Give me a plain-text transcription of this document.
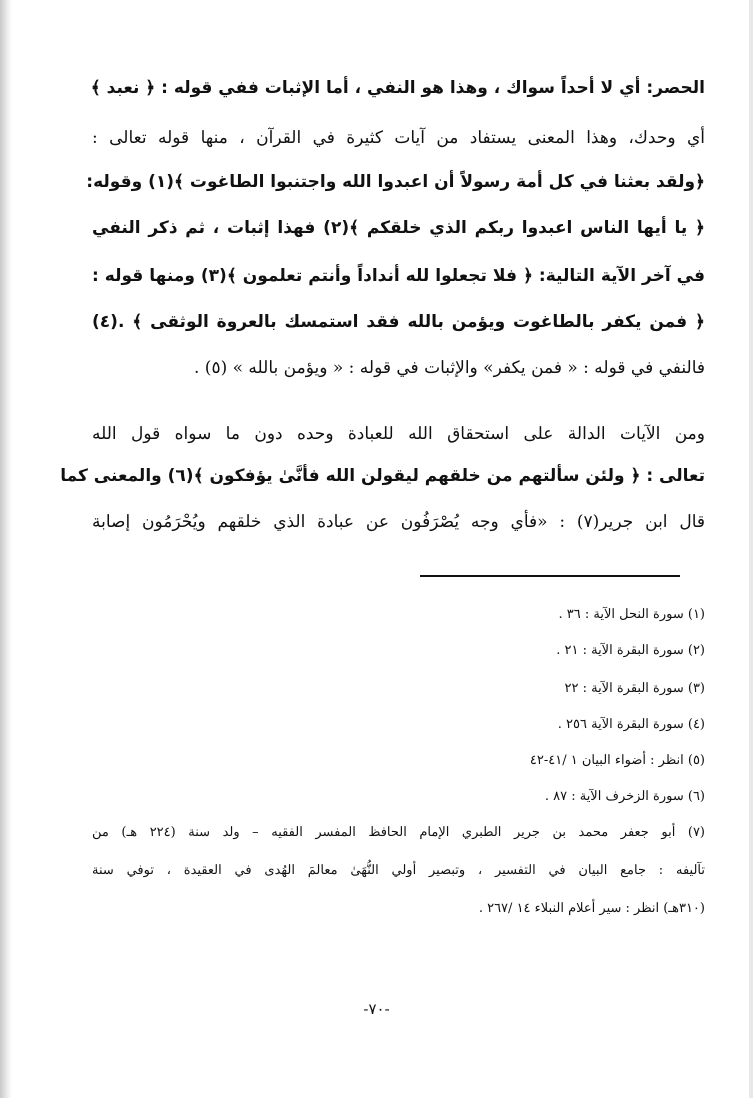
الحصر: أي لا أحداً سواك ، وهذا هو النفي ، أما الإثبات ففي قوله : ﴿ نعبد ﴾
أي وحدك، وهذا المعنى يستفاد من آيات كثيرة في القرآن ، منها قوله تعالى :
﴿ولقد بعثنا في كل أمة رسولاً أن اعبدوا الله واجتنبوا الطاغوت ﴾(١) وقوله:
﴿ يا أيها الناس اعبدوا ربكم الذي خلقكم ﴾(٢) فهذا إثبات ، ثم ذكر النفي
في آخر الآية التالية: ﴿ فلا تجعلوا لله أنداداً وأنتم تعلمون ﴾(٣) ومنها قوله :
﴿ فمن يكفر بالطاغوت ويؤمن بالله فقد استمسك بالعروة الوثقى ﴾ .(٤)
فالنفي في قوله : « فمن يكفر» والإثبات في قوله : « ويؤمن بالله » (٥) .
ومن الآيات الدالة على استحقاق الله للعبادة وحده دون ما سواه قول الله
تعالى : ﴿ ولئن سألتهم من خلقهم ليقولن الله فأنَّىٰ يؤفكون ﴾(٦) والمعنى كما
قال ابن جرير(٧) : «فأي وجه يُصْرَفُون عن عبادة الذي خلقهم ويُحْرَمُون إصابة
(١) سورة النحل الآية : ٣٦ .
(٢) سورة البقرة الآية : ٢١ .
(٣) سورة البقرة الآية : ٢٢
(٤) سورة البقرة الآية ٢٥٦ .
(٥) انظر : أضواء البيان ١ /٤١-٤٢
(٦) سورة الزخرف الآية : ٨٧ .
(٧) أبو جعفر محمد بن جرير الطبري الإمام الحافظ المفسر الفقيه – ولد سنة (٢٢٤ هـ) من
تآليفه : جامع البيان في التفسير ، وتبصير أولي النُّهَىٰ معالمَ الهُدى في العقيدة ، توفي سنة
(٣١٠هـ) انظر : سير أعلام النبلاء ١٤ /٢٦٧ .
-٧٠-
